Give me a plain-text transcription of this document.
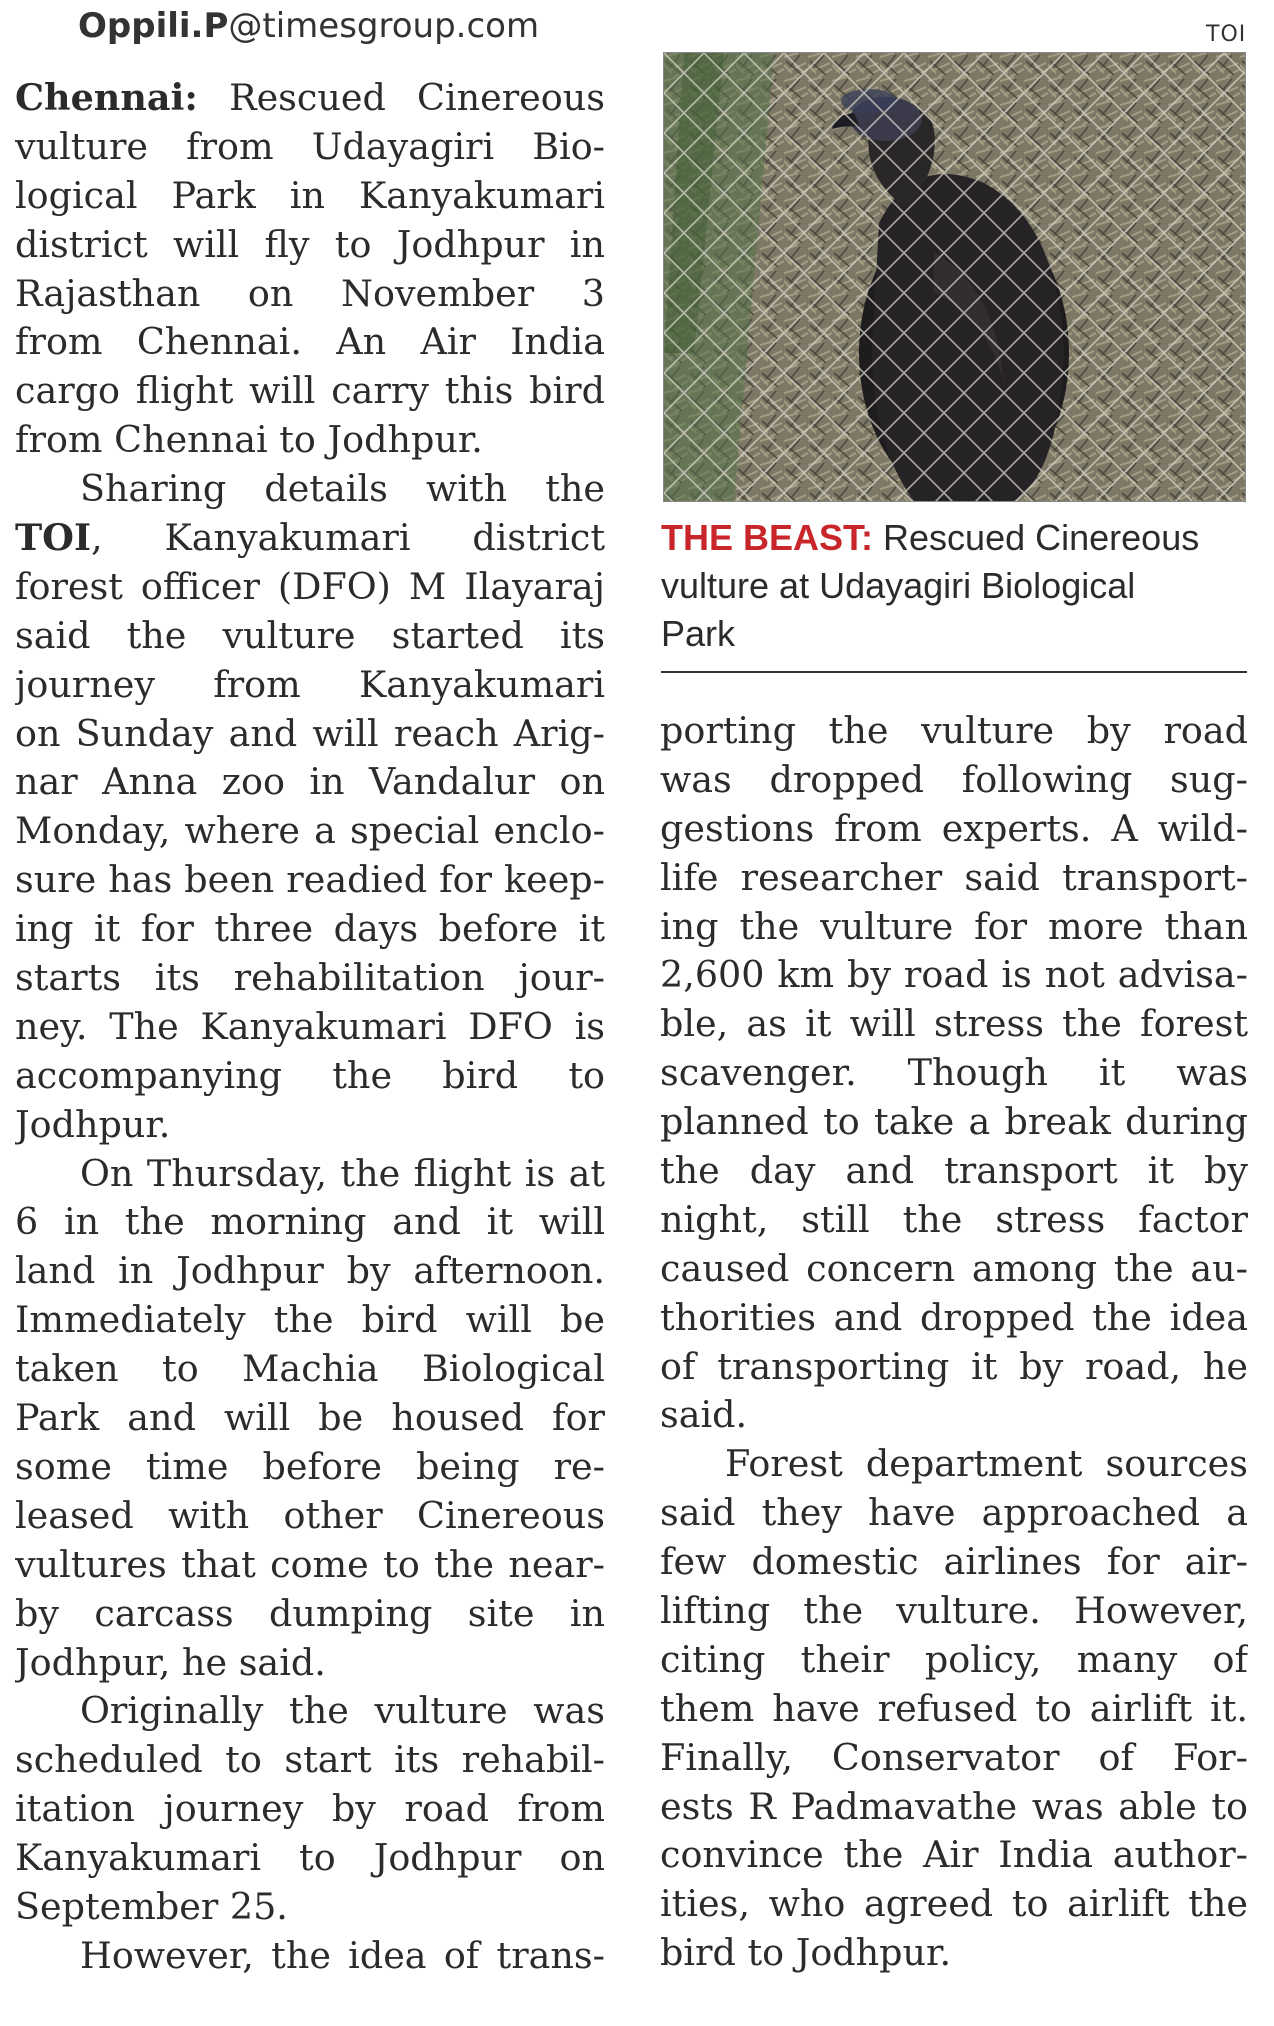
Oppili.P@timesgroup.com	TOI
THE BEAST: Rescued Cinereous
vulture at Udayagiri Biological
Park
Chennai: Rescued Cinereous
vulture from Udayagiri Bio-
logical Park in Kanyakumari
district will fly to Jodhpur in
Rajasthan on November 3
from Chennai. An Air India
cargo flight will carry this bird
from Chennai to Jodhpur.
Sharing details with the
TOI, Kanyakumari district
forest officer (DFO) M Ilayaraj
said the vulture started its
journey from Kanyakumari
on Sunday and will reach Arig-
nar Anna zoo in Vandalur on
Monday, where a special enclo-
sure has been readied for keep-
ing it for three days before it
starts its rehabilitation jour-
ney. The Kanyakumari DFO is
accompanying the bird to
Jodhpur.
On Thursday, the flight is at
6 in the morning and it will
land in Jodhpur by afternoon.
Immediately the bird will be
taken to Machia Biological
Park and will be housed for
some time before being re-
leased with other Cinereous
vultures that come to the near-
by carcass dumping site in
Jodhpur, he said.
Originally the vulture was
scheduled to start its rehabil-
itation journey by road from
Kanyakumari to Jodhpur on
September 25.
However, the idea of trans-
porting the vulture by road
was dropped following sug-
gestions from experts. A wild-
life researcher said transport-
ing the vulture for more than
2,600 km by road is not advisa-
ble, as it will stress the forest
scavenger. Though it was
planned to take a break during
the day and transport it by
night, still the stress factor
caused concern among the au-
thorities and dropped the idea
of transporting it by road, he
said.
Forest department sources
said they have approached a
few domestic airlines for air-
lifting the vulture. However,
citing their policy, many of
them have refused to airlift it.
Finally, Conservator of For-
ests R Padmavathe was able to
convince the Air India author-
ities, who agreed to airlift the
bird to Jodhpur.
